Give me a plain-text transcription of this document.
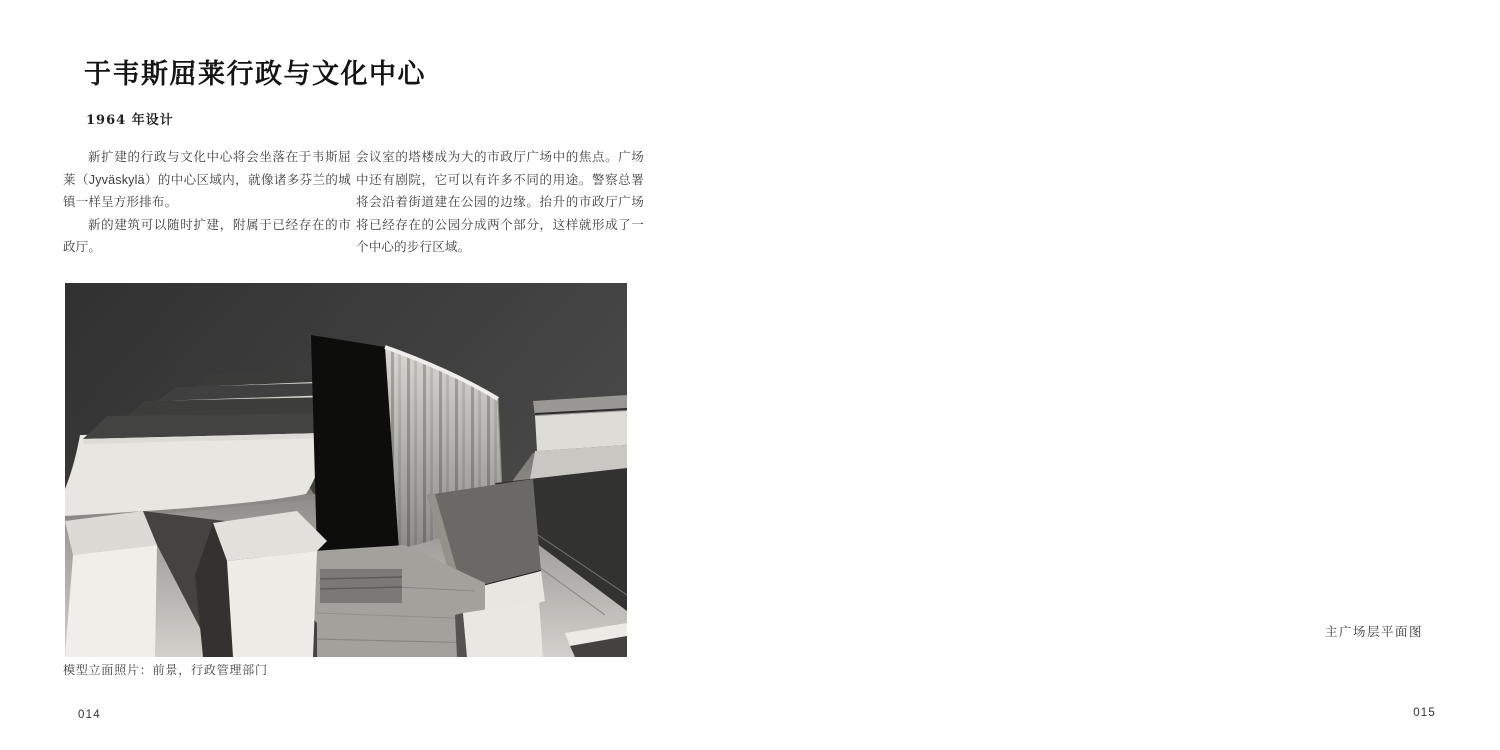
于韦斯屈莱行政与文化中心
1964 年设计

新扩建的行政与文化中心将会坐落在于韦斯屈莱（Jyväskylä）的中心区域内，就像诸多芬兰的城镇一样呈方形排布。

新的建筑可以随时扩建，附属于已经存在的市政厅。

会议室的塔楼成为大的市政厅广场中的焦点。广场中还有剧院，它可以有许多不同的用途。警察总署将会沿着街道建在公园的边缘。抬升的市政厅广场将已经存在的公园分成两个部分，这样就形成了一个中心的步行区域。

模型立面照片：前景，行政管理部门
014
主广场层平面图
015
